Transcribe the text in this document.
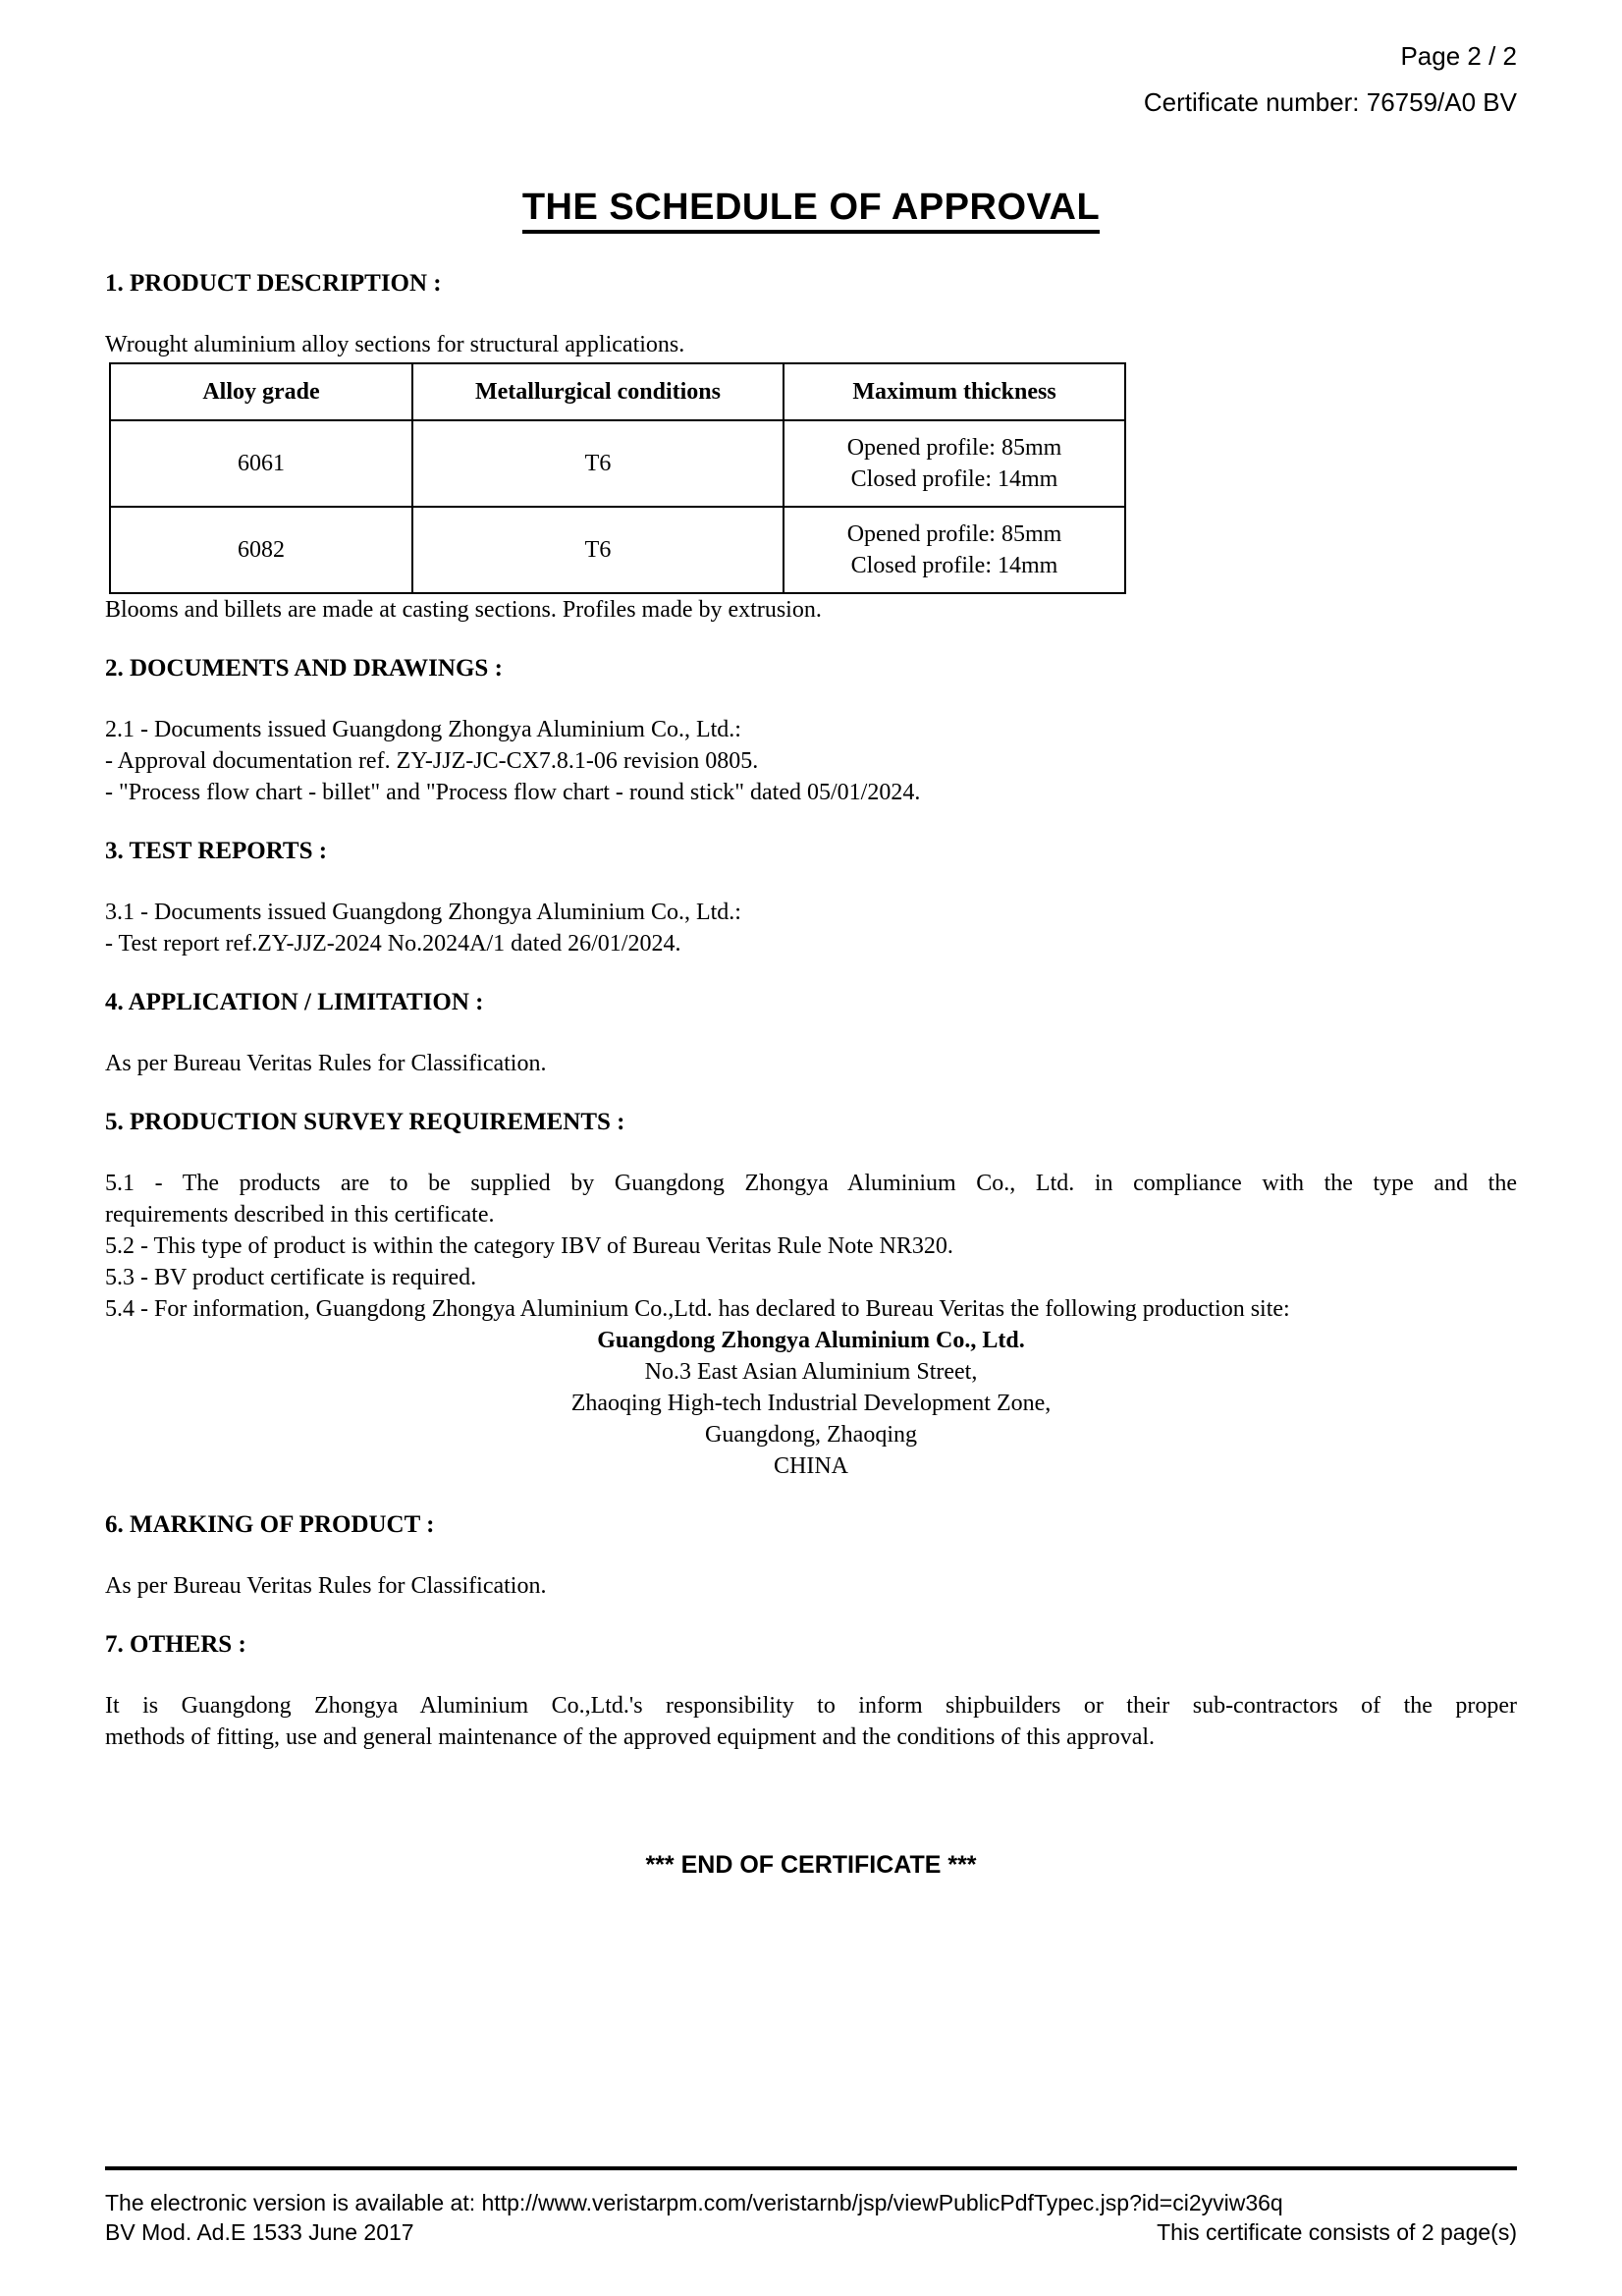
Page 2 / 2
Certificate number: 76759/A0 BV
THE SCHEDULE OF APPROVAL
1. PRODUCT DESCRIPTION :

Wrought aluminium alloy sections for structural applications.

Alloy grade	Metallurgical conditions	Maximum thickness
6061	T6	Opened profile: 85mm
Closed profile: 14mm

6082	T6	Opened profile: 85mm
Closed profile: 14mm

Blooms and billets are made at casting sections. Profiles made by extrusion.

2. DOCUMENTS AND DRAWINGS :

2.1 - Documents issued Guangdong Zhongya Aluminium Co., Ltd.:

- Approval documentation ref. ZY-JJZ-JC-CX7.8.1-06 revision 0805.

- "Process flow chart - billet" and "Process flow chart - round stick" dated 05/01/2024.

3. TEST REPORTS :

3.1 - Documents issued Guangdong Zhongya Aluminium Co., Ltd.:

- Test report ref.ZY-JJZ-2024 No.2024A/1 dated 26/01/2024.

4. APPLICATION / LIMITATION :

As per Bureau Veritas Rules for Classification.

5. PRODUCTION SURVEY REQUIREMENTS :

5.1 - The products are to be supplied by Guangdong Zhongya Aluminium Co., Ltd. in compliance with the type and the

requirements described in this certificate.

5.2 - This type of product is within the category IBV of Bureau Veritas Rule Note NR320.

5.3 - BV product certificate is required.

5.4 - For information, Guangdong Zhongya Aluminium Co.,Ltd. has declared to Bureau Veritas the following production site:

Guangdong Zhongya Aluminium Co., Ltd.
No.3 East Asian Aluminium Street,
Zhaoqing High-tech Industrial Development Zone,
Guangdong, Zhaoqing
CHINA
6. MARKING OF PRODUCT :

As per Bureau Veritas Rules for Classification.

7. OTHERS :

It is Guangdong Zhongya Aluminium Co.,Ltd.'s responsibility to inform shipbuilders or their sub-contractors of the proper

methods of fitting, use and general maintenance of the approved equipment and the conditions of this approval.

*** END OF CERTIFICATE ***
The electronic version is available at: http://www.veristarpm.com/veristarnb/jsp/viewPublicPdfTypec.jsp?id=ci2yviw36q
BV Mod. Ad.E 1533 June 2017	This certificate consists of 2 page(s)
